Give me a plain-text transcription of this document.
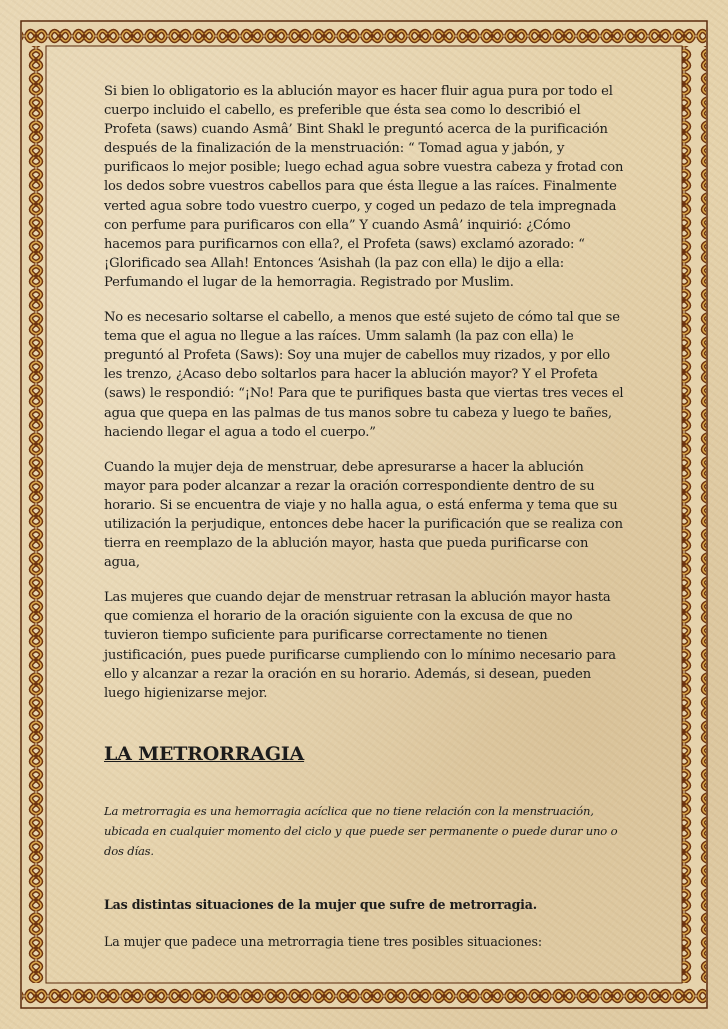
Si bien lo obligatorio es la ablución mayor es hacer fluir agua pura por todo el cuerpo incluido el cabello, es preferible que ésta sea como lo describió el Profeta (saws) cuando Asmâ’ Bint Shakl le preguntó acerca de la purificación después de la finalización de la menstruación: “ Tomad agua y jabón, y purificaos lo mejor posible; luego echad agua sobre vuestra cabeza y frotad con los dedos sobre vuestros cabellos para que ésta llegue a las raíces. Finalmente verted agua sobre todo vuestro cuerpo, y coged un pedazo de tela impregnada con perfume para purificaros con ella” Y cuando Asmâ’ inquirió: ¿Cómo hacemos para purificarnos con ella?, el Profeta (saws) exclamó azorado: “ ¡Glorificado sea Allah! Entonces ‘Asishah (la paz con ella) le dijo a ella: Perfumando el lugar de la hemorragia. Registrado por Muslim.

No es necesario soltarse el cabello, a menos que esté sujeto de cómo tal que se tema que el agua no llegue a las raíces. Umm salamh (la paz con ella) le preguntó al Profeta (Saws): Soy una mujer de cabellos muy rizados, y por ello les trenzo, ¿Acaso debo soltarlos para hacer la ablución mayor? Y el Profeta (saws) le respondió: “¡No! Para que te purifiques basta que viertas tres veces el agua que quepa en las palmas de tus manos sobre tu cabeza y luego te bañes, haciendo llegar el agua a todo el cuerpo.”

Cuando la mujer deja de menstruar, debe apresurarse a hacer la ablución mayor para poder alcanzar a rezar la oración correspondiente dentro de su horario. Si se encuentra de viaje y no halla agua, o está enferma y tema que su utilización la perjudique, entonces debe hacer la purificación que se realiza con tierra en reemplazo de la ablución mayor, hasta que pueda purificarse con agua,

Las mujeres que cuando dejar de menstruar retrasan la ablución mayor hasta que comienza el horario de la oración siguiente con la excusa de que no tuvieron tiempo suficiente para purificarse correctamente no tienen justificación, pues puede purificarse cumpliendo con lo mínimo necesario para ello y alcanzar a rezar la oración en su horario. Además, si desean, pueden luego higienizarse mejor.

LA METRORRAGIA
La metrorragia es una hemorragia acíclica que no tiene relación con la menstruación, ubicada en cualquier momento del ciclo y que puede ser permanente o puede durar uno o dos días.
Las distintas situaciones de la mujer que sufre de metrorragia.
La mujer que padece una metrorragia tiene tres posibles situaciones:
